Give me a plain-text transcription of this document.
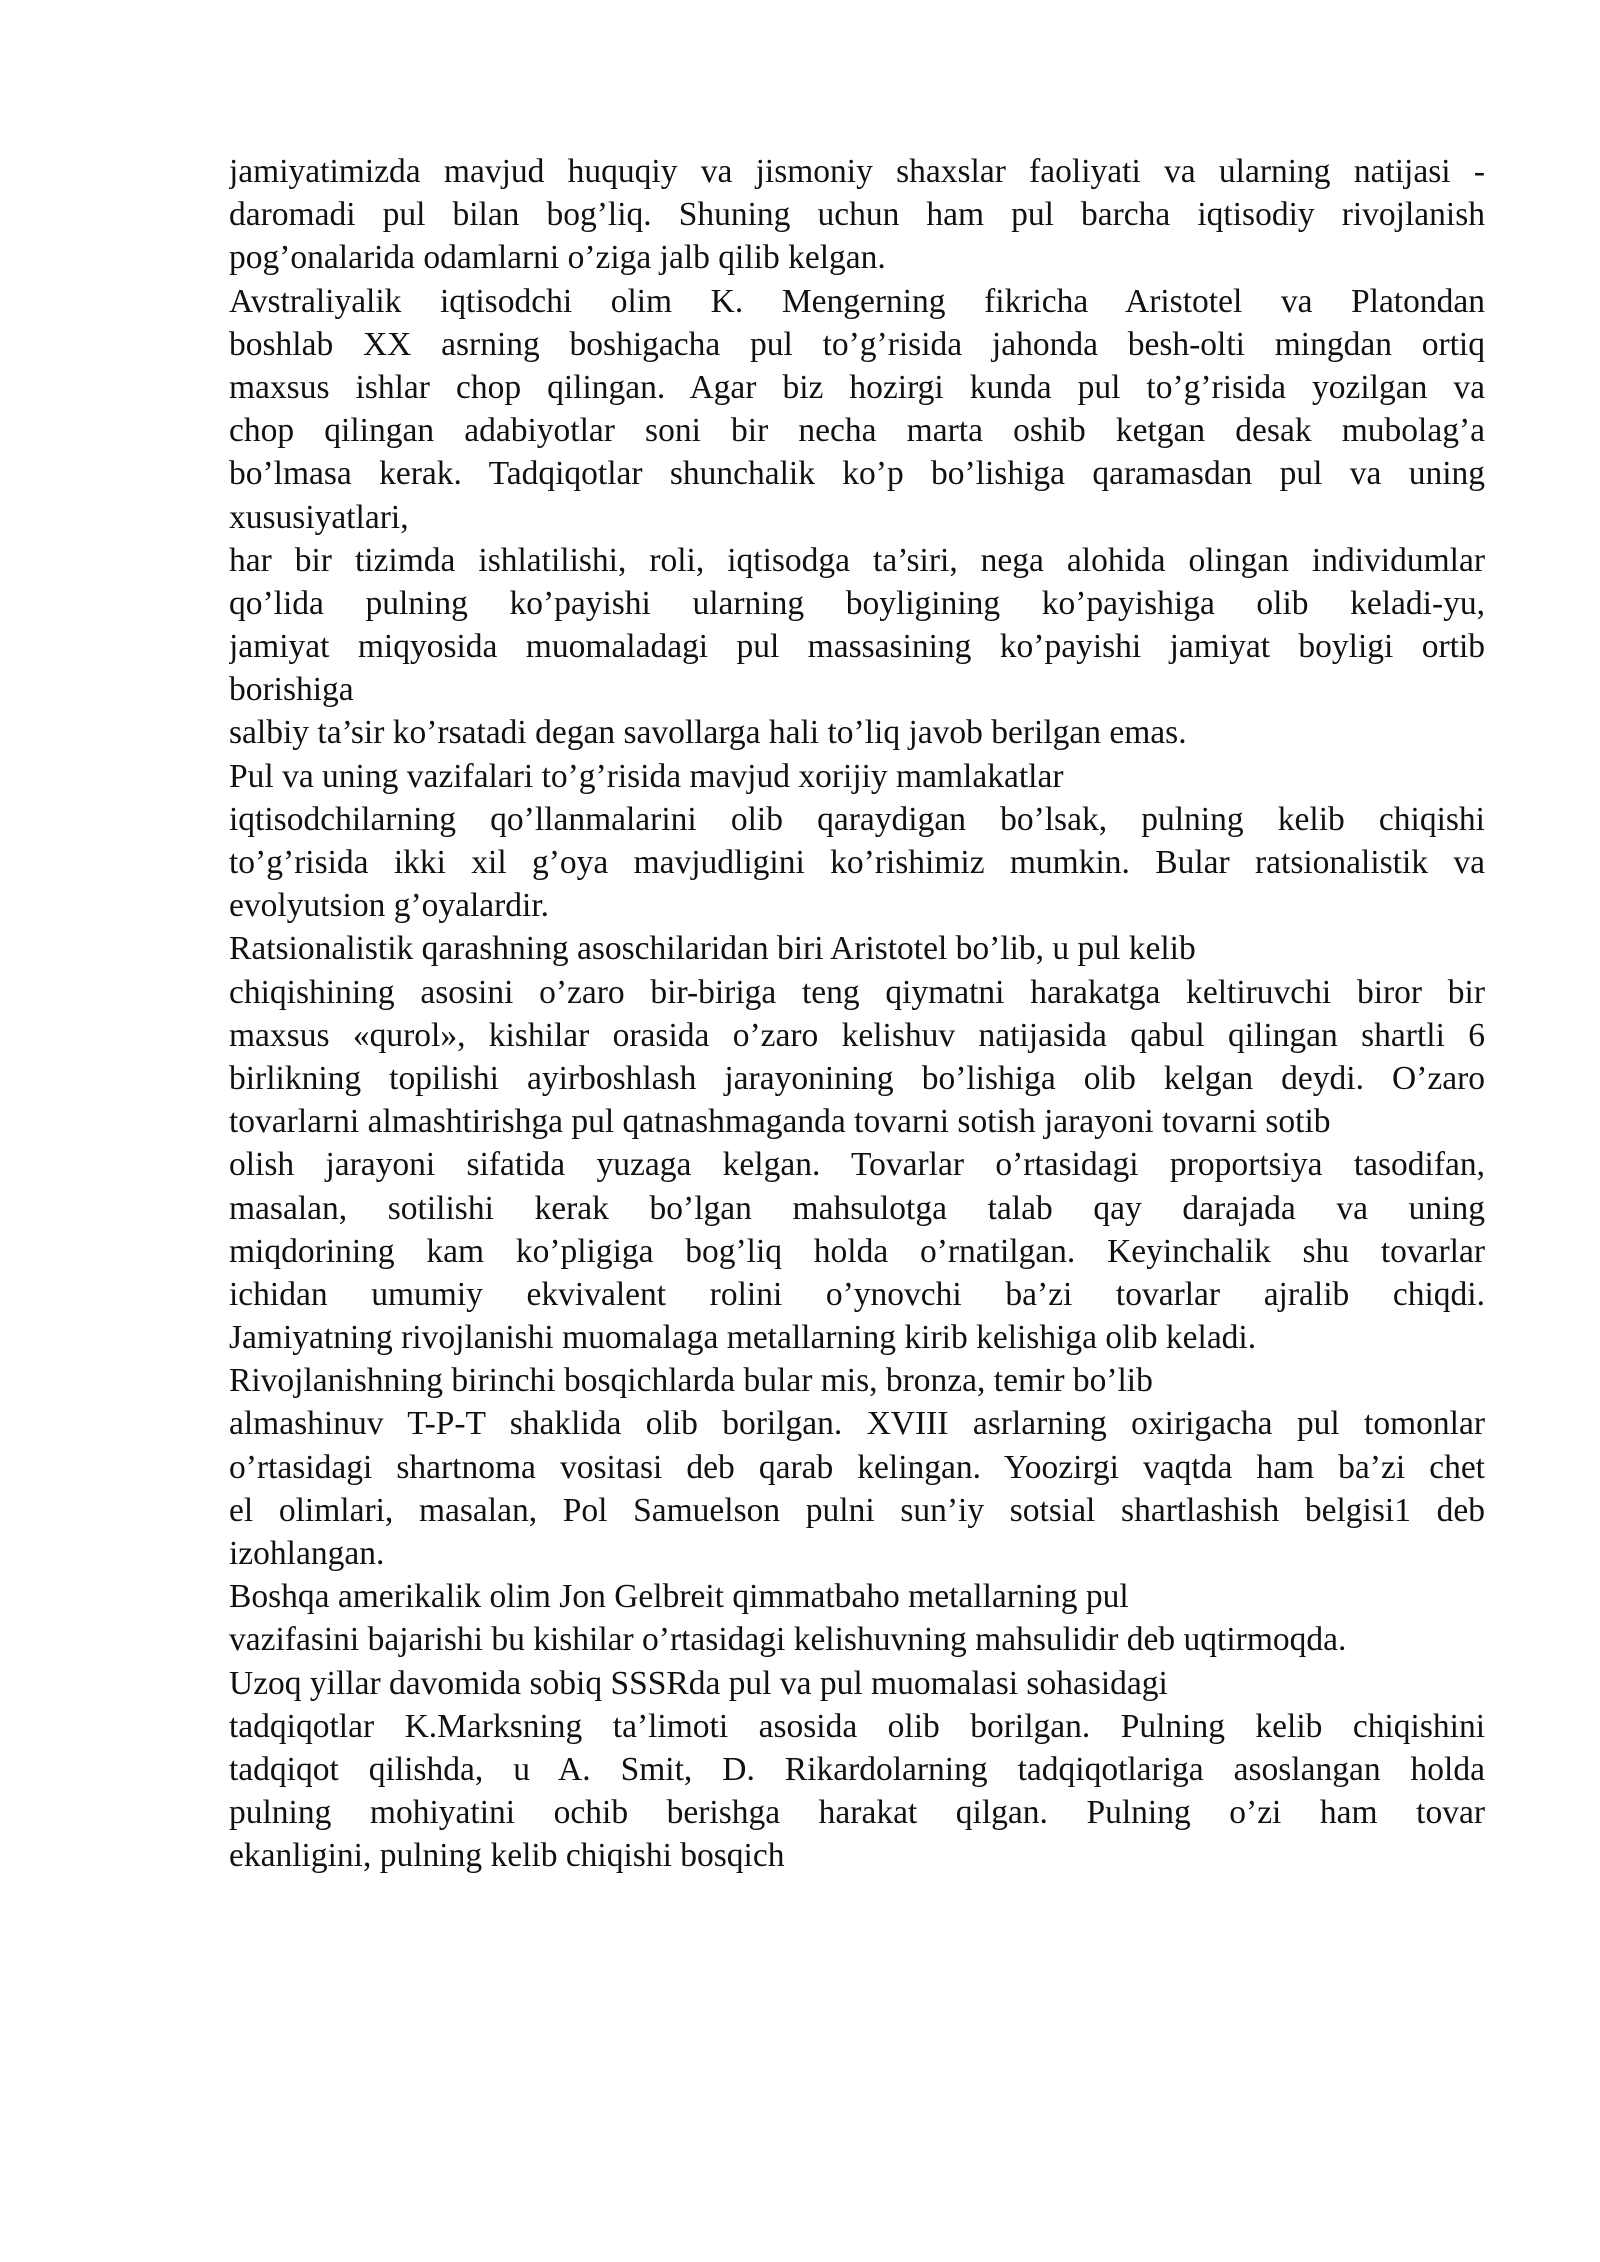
jamiyatimizda mavjud huquqiy va jismoniy shaxslar faoliyati va ularning natijasi -
daromadi pul bilan bog’liq. Shuning uchun ham pul barcha iqtisodiy rivojlanish
pog’onalarida odamlarni o’ziga jalb qilib kelgan.
Avstraliyalik iqtisodchi olim K. Mengerning fikricha Aristotel va Platondan
boshlab XX asrning boshigacha pul to’g’risida jahonda besh-olti mingdan ortiq
maxsus ishlar chop qilingan. Agar biz hozirgi kunda pul to’g’risida yozilgan va
chop qilingan adabiyotlar soni bir necha marta oshib ketgan desak mubolag’a
bo’lmasa kerak. Tadqiqotlar shunchalik ko’p bo’lishiga qaramasdan pul va uning
xususiyatlari,
har bir tizimda ishlatilishi, roli, iqtisodga ta’siri, nega alohida olingan individumlar
qo’lida pulning ko’payishi ularning boyligining ko’payishiga olib keladi-yu,
jamiyat miqyosida muomaladagi pul massasining ko’payishi jamiyat boyligi ortib
borishiga
salbiy ta’sir ko’rsatadi degan savollarga hali to’liq javob berilgan emas.
Pul va uning vazifalari to’g’risida mavjud xorijiy mamlakatlar
iqtisodchilarning qo’llanmalarini olib qaraydigan bo’lsak, pulning kelib chiqishi
to’g’risida ikki xil g’oya mavjudligini ko’rishimiz mumkin. Bular ratsionalistik va
evolyutsion g’oyalardir.
Ratsionalistik qarashning asoschilaridan biri Aristotel bo’lib, u pul kelib
chiqishining asosini o’zaro bir-biriga teng qiymatni harakatga keltiruvchi biror bir
maxsus «qurol», kishilar orasida o’zaro kelishuv natijasida qabul qilingan shartli 6
birlikning topilishi ayirboshlash jarayonining bo’lishiga olib kelgan deydi. O’zaro
tovarlarni almashtirishga pul qatnashmaganda tovarni sotish jarayoni tovarni sotib
olish jarayoni sifatida yuzaga kelgan. Tovarlar o’rtasidagi proportsiya tasodifan,
masalan, sotilishi kerak bo’lgan mahsulotga talab qay darajada va uning
miqdorining kam ko’pligiga bog’liq holda o’rnatilgan. Keyinchalik shu tovarlar
ichidan umumiy ekvivalent rolini o’ynovchi ba’zi tovarlar ajralib chiqdi.
Jamiyatning rivojlanishi muomalaga metallarning kirib kelishiga olib keladi.
Rivojlanishning birinchi bosqichlarda bular mis, bronza, temir bo’lib
almashinuv T-P-T shaklida olib borilgan. XVIII asrlarning oxirigacha pul tomonlar
o’rtasidagi shartnoma vositasi deb qarab kelingan. Yoozirgi vaqtda ham ba’zi chet
el olimlari, masalan, Pol Samuelson pulni sun’iy sotsial shartlashish belgisi1 deb
izohlangan.
Boshqa amerikalik olim Jon Gelbreit qimmatbaho metallarning pul
vazifasini bajarishi bu kishilar o’rtasidagi kelishuvning mahsulidir deb uqtirmoqda.
Uzoq yillar davomida sobiq SSSRda pul va pul muomalasi sohasidagi
tadqiqotlar K.Marksning ta’limoti asosida olib borilgan. Pulning kelib chiqishini
tadqiqot qilishda, u A. Smit, D. Rikardolarning tadqiqotlariga asoslangan holda
pulning mohiyatini ochib berishga harakat qilgan. Pulning o’zi ham tovar
ekanligini, pulning kelib chiqishi bosqich
